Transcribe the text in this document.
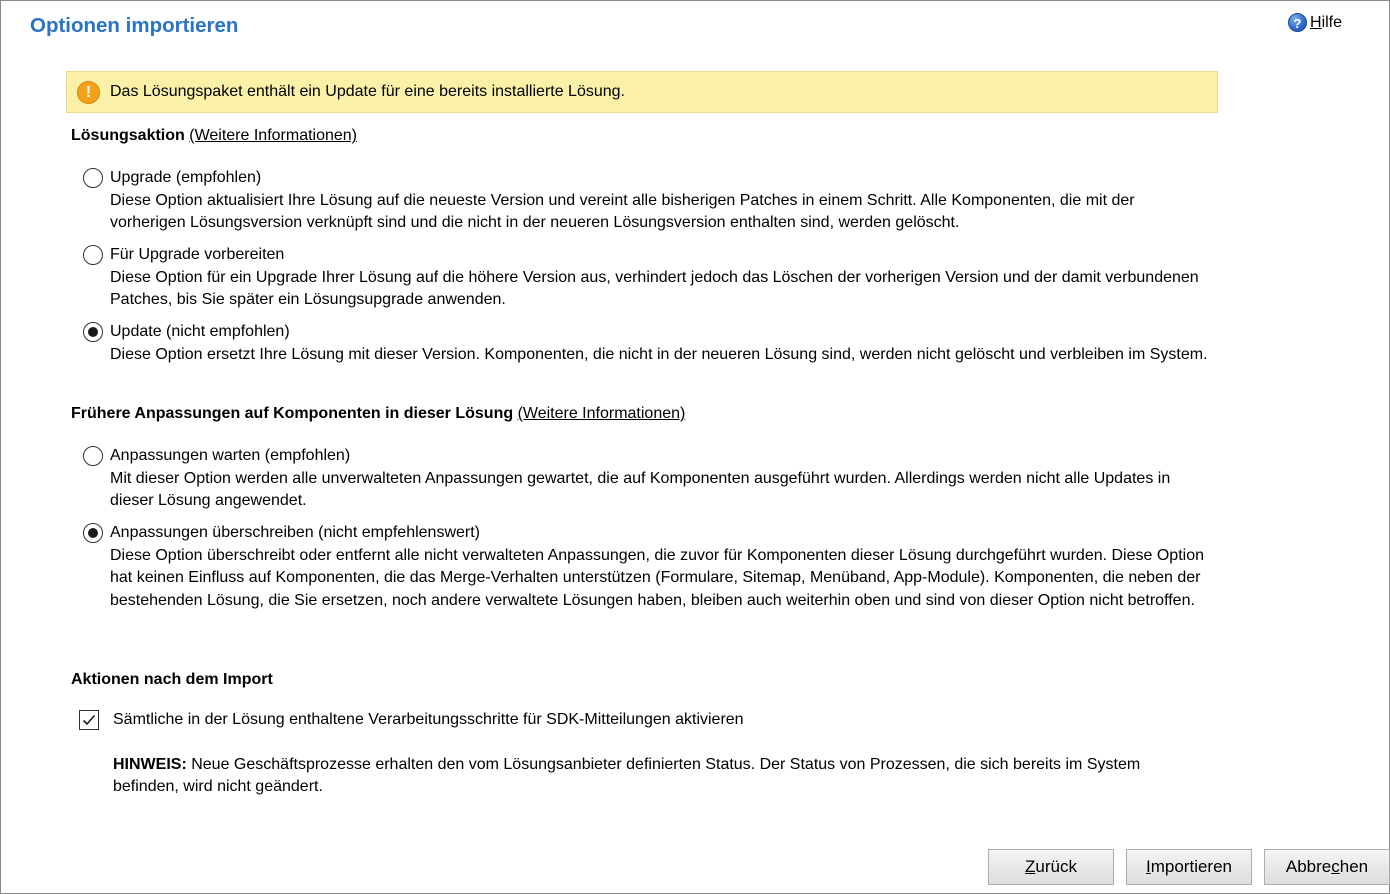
Optionen importieren	? Hilfe
!	Das Lösungspaket enthält ein Update für eine bereits installierte Lösung.
Lösungsaktion (Weitere Informationen)
Upgrade (empfohlen)
Diese Option aktualisiert Ihre Lösung auf die neueste Version und vereint alle bisherigen Patches in einem Schritt. Alle Komponenten, die mit der vorherigen Lösungsversion verknüpft sind und die nicht in der neueren Lösungsversion enthalten sind, werden gelöscht.
Für Upgrade vorbereiten
Diese Option für ein Upgrade Ihrer Lösung auf die höhere Version aus, verhindert jedoch das Löschen der vorherigen Version und der damit verbundenen Patches, bis Sie später ein Lösungsupgrade anwenden.
Update (nicht empfohlen)
Diese Option ersetzt Ihre Lösung mit dieser Version. Komponenten, die nicht in der neueren Lösung sind, werden nicht gelöscht und verbleiben im System.
Frühere Anpassungen auf Komponenten in dieser Lösung (Weitere Informationen)
Anpassungen warten (empfohlen)
Mit dieser Option werden alle unverwalteten Anpassungen gewartet, die auf Komponenten ausgeführt wurden. Allerdings werden nicht alle Updates in dieser Lösung angewendet.
Anpassungen überschreiben (nicht empfehlenswert)
Diese Option überschreibt oder entfernt alle nicht verwalteten Anpassungen, die zuvor für Komponenten dieser Lösung durchgeführt wurden. Diese Option hat keinen Einfluss auf Komponenten, die das Merge-Verhalten unterstützen (Formulare, Sitemap, Menüband, App-Module). Komponenten, die neben der bestehenden Lösung, die Sie ersetzen, noch andere verwaltete Lösungen haben, bleiben auch weiterhin oben und sind von dieser Option nicht betroffen.
Aktionen nach dem Import
Sämtliche in der Lösung enthaltene Verarbeitungsschritte für SDK-Mitteilungen aktivieren
HINWEIS: Neue Geschäftsprozesse erhalten den vom Lösungsanbieter definierten Status. Der Status von Prozessen, die sich bereits im System befinden, wird nicht geändert.
Zurück	Importieren	Abbrechen
